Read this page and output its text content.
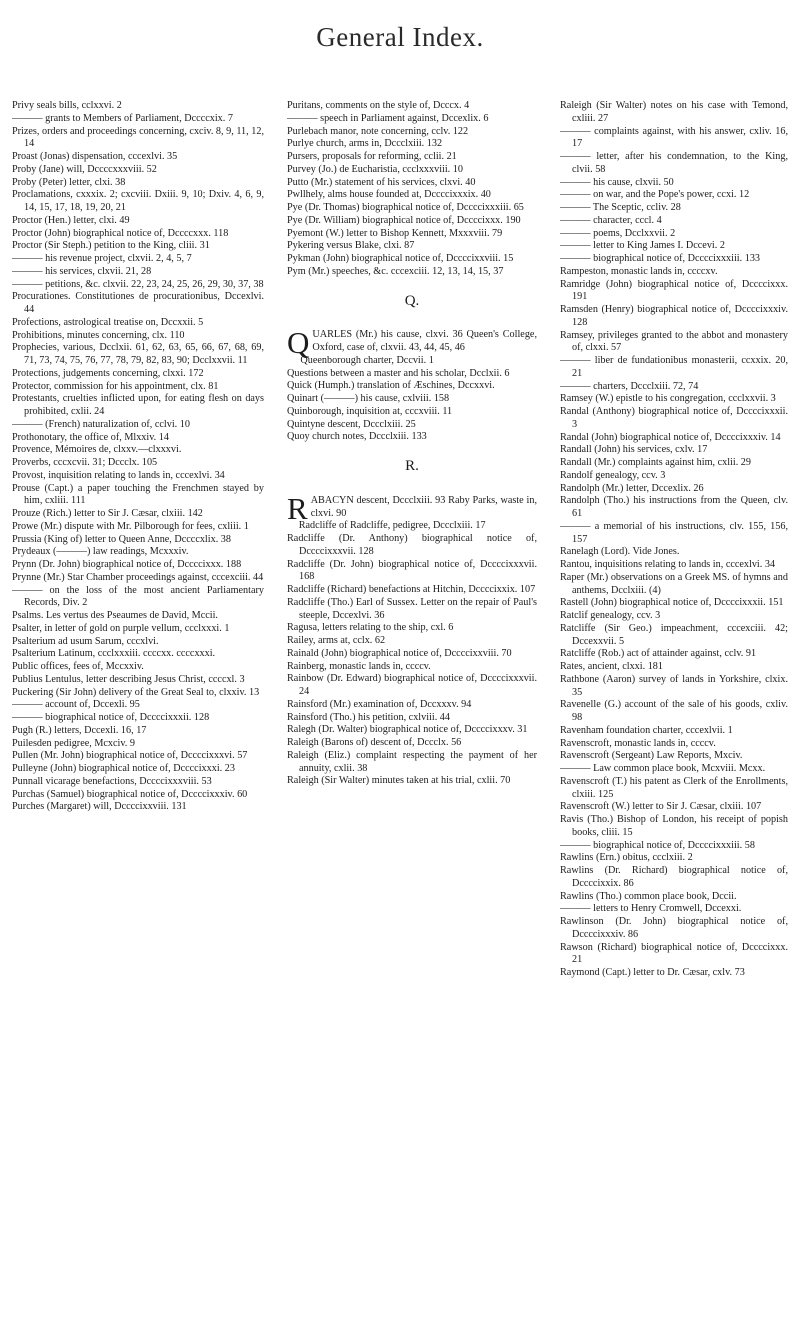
General Index.

Privy seals bills, cclxxvi. 2

——— grants to Members of Parliament, Dccccxix. 7

Prizes, orders and proceedings concerning, cxciv. 8, 9, 11, 12, 14

Proast (Jonas) dispensation, cccexlvi. 35

Proby (Jane) will, Dccccxxxviii. 52

Proby (Peter) letter, clxi. 38

Proclamations, cxxxix. 2; cxcviii. Dxiii. 9, 10; Dxiv. 4, 6, 9, 14, 15, 17, 18, 19, 20, 21

Proctor (Hen.) letter, clxi. 49

Proctor (John) biographical notice of, Dccccxxx. 118

Proctor (Sir Steph.) petition to the King, cliii. 31

——— his revenue project, clxvii. 2, 4, 5, 7

——— his services, clxvii. 21, 28

——— petitions, &c. clxvii. 22, 23, 24, 25, 26, 29, 30, 37, 38

Procurationes. Constitutiones de procurationibus, Dccexlvi. 44

Profections, astrological treatise on, Dccxxii. 5

Prohibitions, minutes concerning, clx. 110

Prophecies, various, Dcclxii. 61, 62, 63, 65, 66, 67, 68, 69, 71, 73, 74, 75, 76, 77, 78, 79, 82, 83, 90; Dcclxxvii. 11

Protections, judgements concerning, clxxi. 172

Protector, commission for his appointment, clx. 81

Protestants, cruelties inflicted upon, for eating flesh on days prohibited, cxlii. 24

——— (French) naturalization of, cclvi. 10

Prothonotary, the office of, Mlxxiv. 14

Provence, Mémoires de, clxxv.—clxxxvi.

Proverbs, cccxcvii. 31; Dccclx. 105

Provost, inquisition relating to lands in, cccexlvi. 34

Prouse (Capt.) a paper touching the Frenchmen stayed by him, cxliii. 111

Prouze (Rich.) letter to Sir J. Cæsar, clxiii. 142

Prowe (Mr.) dispute with Mr. Pilborough for fees, cxliii. 1

Prussia (King of) letter to Queen Anne, Dccccxlix. 38

Prydeaux (———) law readings, Mcxxxiv.

Prynn (Dr. John) biographical notice of, Dccccixxx. 188

Prynne (Mr.) Star Chamber proceedings against, cccexciii. 44

——— on the loss of the most ancient Parliamentary Records, Div. 2

Psalms. Les vertus des Pseaumes de David, Mccii.

Psalter, in letter of gold on purple vellum, ccclxxxi. 1

Psalterium ad usum Sarum, cccxlvi.

Psalterium Latinum, ccclxxxiii. ccccxx. ccccxxxi.

Public offices, fees of, Mccxxiv.

Publius Lentulus, letter describing Jesus Christ, ccccxl. 3

Puckering (Sir John) delivery of the Great Seal to, clxxiv. 13

——— account of, Dccexli. 95

——— biographical notice of, Dccccixxxii. 128

Pugh (R.) letters, Dccexli. 16, 17

Puilesden pedigree, Mcxciv. 9

Pullen (Mr. John) biographical notice of, Dccccixxxvi. 57

Pulleyne (John) biographical notice of, Dccccixxxi. 23

Punnall vicarage benefactions, Dccccixxxviii. 53

Purchas (Samuel) biographical notice of, Dccccixxxiv. 60

Purches (Margaret) will, Dccccixxviii. 131

Puritans, comments on the style of, Dcccx. 4

——— speech in Parliament against, Dccexlix. 6

Purlebach manor, note concerning, cclv. 122

Purlye church, arms in, Dccclxiii. 132

Pursers, proposals for reforming, cclii. 21

Purvey (Jo.) de Eucharistia, ccclxxxviii. 10

Putto (Mr.) statement of his services, clxvi. 40

Pwllhely, alms house founded at, Dccccixxxix. 40

Pye (Dr. Thomas) biographical notice of, Dccccixxxiii. 65

Pye (Dr. William) biographical notice of, Dccccixxx. 190

Pyemont (W.) letter to Bishop Kennett, Mxxxviii. 79

Pykering versus Blake, clxi. 87

Pykman (John) biographical notice of, Dccccixxviii. 15

Pym (Mr.) speeches, &c. cccexciii. 12, 13, 14, 15, 37

Q.

QUARLES (Mr.) his cause, clxvi. 36 Queen's College, Oxford, case of, clxvii. 43, 44, 45, 46

Queenborough charter, Dccvii. 1

Questions between a master and his scholar, Dcclxii. 6

Quick (Humph.) translation of Æschines, Dccxxvi.

Quinart (———) his cause, cxlviii. 158

Quinborough, inquisition at, cccxviii. 11

Quintyne descent, Dccclxiii. 25

Quoy church notes, Dccclxiii. 133

R.

RABACYN descent, Dccclxiii. 93 Raby Parks, waste in, clxvi. 90

Radcliffe of Radcliffe, pedigree, Dccclxiii. 17

Radcliffe (Dr. Anthony) biographical notice of, Dccccixxxvii. 128

Radcliffe (Dr. John) biographical notice of, Dccccixxxvii. 168

Radcliffe (Richard) benefactions at Hitchin, Dccccixxix. 107

Radcliffe (Tho.) Earl of Sussex. Letter on the repair of Paul's steeple, Dccexlvi. 36

Ragusa, letters relating to the ship, cxl. 6

Railey, arms at, cclx. 62

Rainald (John) biographical notice of, Dccccixxviii. 70

Rainberg, monastic lands in, ccccv.

Rainbow (Dr. Edward) biographical notice of, Dccccixxxvii. 24

Rainsford (Mr.) examination of, Dccxxxv. 94

Rainsford (Tho.) his petition, cxlviii. 44

Ralegh (Dr. Walter) biographical notice of, Dccccixxxv. 31

Raleigh (Barons of) descent of, Dccclx. 56

Raleigh (Eliz.) complaint respecting the payment of her annuity, cxlii. 38

Raleigh (Sir Walter) minutes taken at his trial, cxlii. 70

Raleigh (Sir Walter) notes on his case with Temond, cxliii. 27

——— complaints against, with his answer, cxliv. 16, 17

——— letter, after his condemnation, to the King, clvii. 58

——— his cause, clxvii. 50

——— on war, and the Pope's power, ccxi. 12

——— The Sceptic, ccliv. 28

——— character, cccl. 4

——— poems, Dcclxxvii. 2

——— letter to King James I. Dccevi. 2

——— biographical notice of, Dccccixxxiii. 133

Rampeston, monastic lands in, ccccxv.

Ramridge (John) biographical notice of, Dccccixxx. 191

Ramsden (Henry) biographical notice of, Dccccixxxiv. 128

Ramsey, privileges granted to the abbot and monastery of, clxxi. 57

——— liber de fundationibus monasterii, ccxxix. 20, 21

——— charters, Dccclxiii. 72, 74

Ramsey (W.) epistle to his congregation, ccclxxvii. 3

Randal (Anthony) biographical notice of, Dccccixxxii. 3

Randal (John) biographical notice of, Dccccixxxiv. 14

Randall (John) his services, cxlv. 17

Randall (Mr.) complaints against him, cxlii. 29

Randolf genealogy, ccv. 3

Randolph (Mr.) letter, Dccexlix. 26

Randolph (Tho.) his instructions from the Queen, clv. 61

——— a memorial of his instructions, clv. 155, 156, 157

Ranelagh (Lord). Vide Jones.

Rantou, inquisitions relating to lands in, cccexlvi. 34

Raper (Mr.) observations on a Greek MS. of hymns and anthems, Dcclxiii. (4)

Rastell (John) biographical notice of, Dccccixxxii. 151

Ratclif genealogy, ccv. 3

Ratcliffe (Sir Geo.) impeachment, cccexciii. 42; Dccexxvii. 5

Ratcliffe (Rob.) act of attainder against, cclv. 91

Rates, ancient, clxxi. 181

Rathbone (Aaron) survey of lands in Yorkshire, clxix. 35

Ravenelle (G.) account of the sale of his goods, cxliv. 98

Ravenham foundation charter, cccexlvii. 1

Ravenscroft, monastic lands in, ccccv.

Ravenscroft (Sergeant) Law Reports, Mxciv.

——— Law common place book, Mcxviii. Mcxx.

Ravenscroft (T.) his patent as Clerk of the Enrollments, clxiii. 125

Ravenscroft (W.) letter to Sir J. Cæsar, clxiii. 107

Ravis (Tho.) Bishop of London, his receipt of popish books, cliii. 15

——— biographical notice of, Dccccixxxiii. 58

Rawlins (Ern.) obitus, ccclxiii. 2

Rawlins (Dr. Richard) biographical notice of, Dccccixxix. 86

Rawlins (Tho.) common place book, Dccii.

——— letters to Henry Cromwell, Dccexxi.

Rawlinson (Dr. John) biographical notice of, Dccccixxxiv. 86

Rawson (Richard) biographical notice of, Dccccixxx. 21

Raymond (Capt.) letter to Dr. Cæsar, cxlv. 73
